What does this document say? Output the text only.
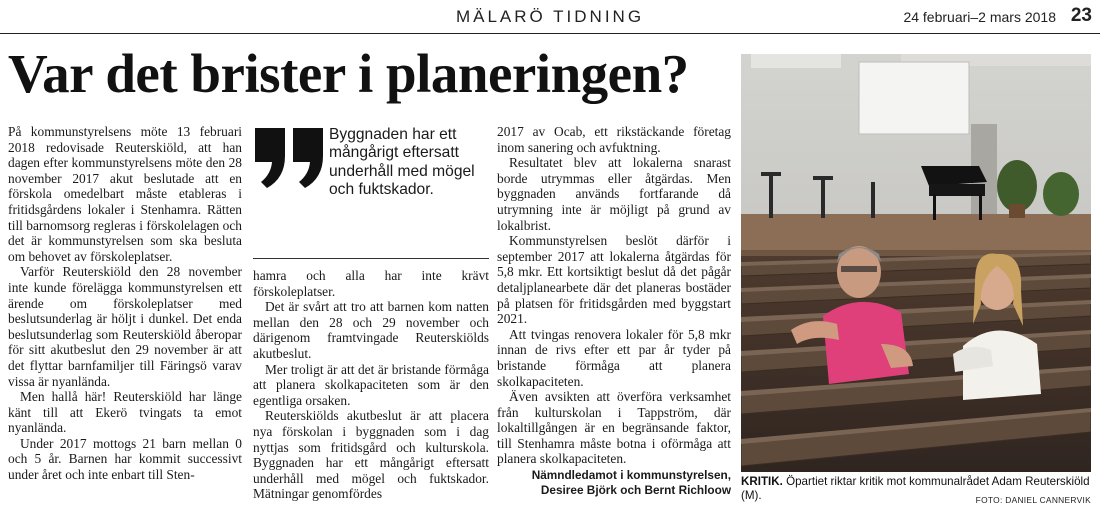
MÄLARÖ TIDNING	24 februari–2 mars 2018 23
Var det brister i planeringen?

På kommunstyrelsens möte 13 februari 2018 redovisade Reuterskiöld, att han dagen efter kommunstyrelsens möte den 28 november 2017 akut beslutade att en förskola omedelbart måste etableras i fritidsgårdens lokaler i Stenhamra. Rätten till barnomsorg regleras i förskolelagen och det är kommunstyrelsen som ska besluta om behovet av förskoleplatser.

Varför Reuterskiöld den 28 november inte kunde förelägga kommunstyrelsen ett ärende om förskoleplatser med beslutsunderlag är höljt i dunkel. Det enda beslutsunderlag som Reuterskiöld åberopar för sitt akutbeslut den 29 november är att det flyttar barnfamiljer till Färingsö varav vissa är nyanlända.

Men hallå här! Reuterskiöld har länge känt till att Ekerö tvingats ta emot nyanlända.

Under 2017 mottogs 21 barn mellan 0 och 5 år. Barnen har kommit successivt under året och inte enbart till Sten-

Byggnaden har ett mångårigt eftersatt underhåll med mögel och fuktskador.

hamra och alla har inte krävt förskoleplatser.

Det är svårt att tro att barnen kom natten mellan den 28 och 29 november och därigenom framtvingade Reuterskiölds akutbeslut.

Mer troligt är att det är bristande förmåga att planera skolkapaciteten som är den egentliga orsaken.

Reuterskiölds akutbeslut är att placera nya förskolan i byggnaden som i dag nyttjas som fritidsgård och kulturskola. Byggnaden har ett mångårigt eftersatt underhåll med mögel och fuktskador. Mätningar genomfördes

2017 av Ocab, ett rikstäckande företag inom sanering och avfuktning.

Resultatet blev att lokalerna snarast borde utrymmas eller åtgärdas. Men byggnaden används fortfarande då utrymning inte är möjligt på grund av lokalbrist.

Kommunstyrelsen beslöt därför i september 2017 att lokalerna åtgärdas för 5,8 mkr. Ett kortsiktigt beslut då det pågår detaljplanearbete där det planeras bostäder på platsen för fritidsgården med byggstart 2021.

Att tvingas renovera lokaler för 5,8 mkr innan de rivs efter ett par år tyder på bristande förmåga att planera skolkapaciteten.

Även avsikten att överföra verksamhet från kulturskolan i Tappström, där lokaltillgången är en begränsande faktor, till Stenhamra måste botna i oförmåga att planera skolkapaciteten.

Nämndledamot i kommunstyrelsen,
Desiree Björk och Bernt Richloow

KRITIK. Öpartiet riktar kritik mot kommunalrådet Adam Reuterskiöld (M).	FOTO: DANIEL CANNERVIK
